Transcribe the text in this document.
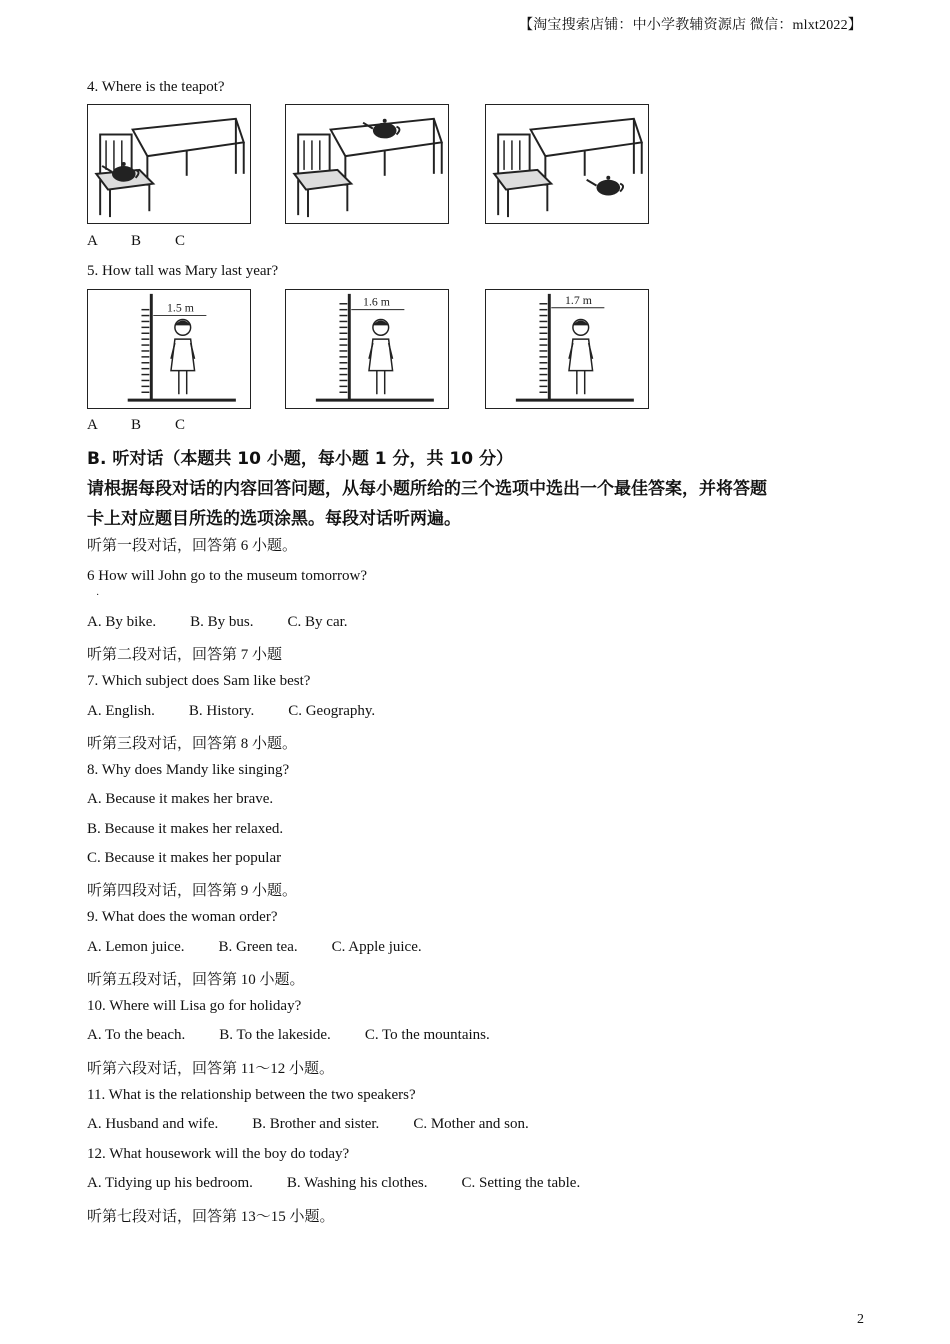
【淘宝搜索店铺：中小学教辅资源店 微信：mlxt2022】
4. Where is the teapot?
A B C
5. How tall was Mary last year?
1.5 m	1.6 m	1.7 m
A B C
B. 听对话（本题共 10 小题，每小题 1 分，共 10 分）
请根据每段对话的内容回答问题，从每小题所给的三个选项中选出一个最佳答案，并将答题
卡上对应题目所选的选项涂黑。每段对话听两遍。
·
听第一段对话，回答第 6 小题。
6 How will John go to the museum tomorrow?
A. By bike. B. By bus. C. By car.
听第二段对话，回答第 7 小题
7. Which subject does Sam like best?
A. English. B. History. C. Geography.
听第三段对话，回答第 8 小题。
8. Why does Mandy like singing?
A. Because it makes her brave.
B. Because it makes her relaxed.
C. Because it makes her popular
听第四段对话，回答第 9 小题。
9. What does the woman order?
A. Lemon juice. B. Green tea. C. Apple juice.
听第五段对话，回答第 10 小题。
10. Where will Lisa go for holiday?
A. To the beach. B. To the lakeside. C. To the mountains.
听第六段对话，回答第 11～12 小题。
11. What is the relationship between the two speakers?
A. Husband and wife. B. Brother and sister. C. Mother and son.
12. What housework will the boy do today?
A. Tidying up his bedroom. B. Washing his clothes. C. Setting the table.
听第七段对话，回答第 13～15 小题。
2
